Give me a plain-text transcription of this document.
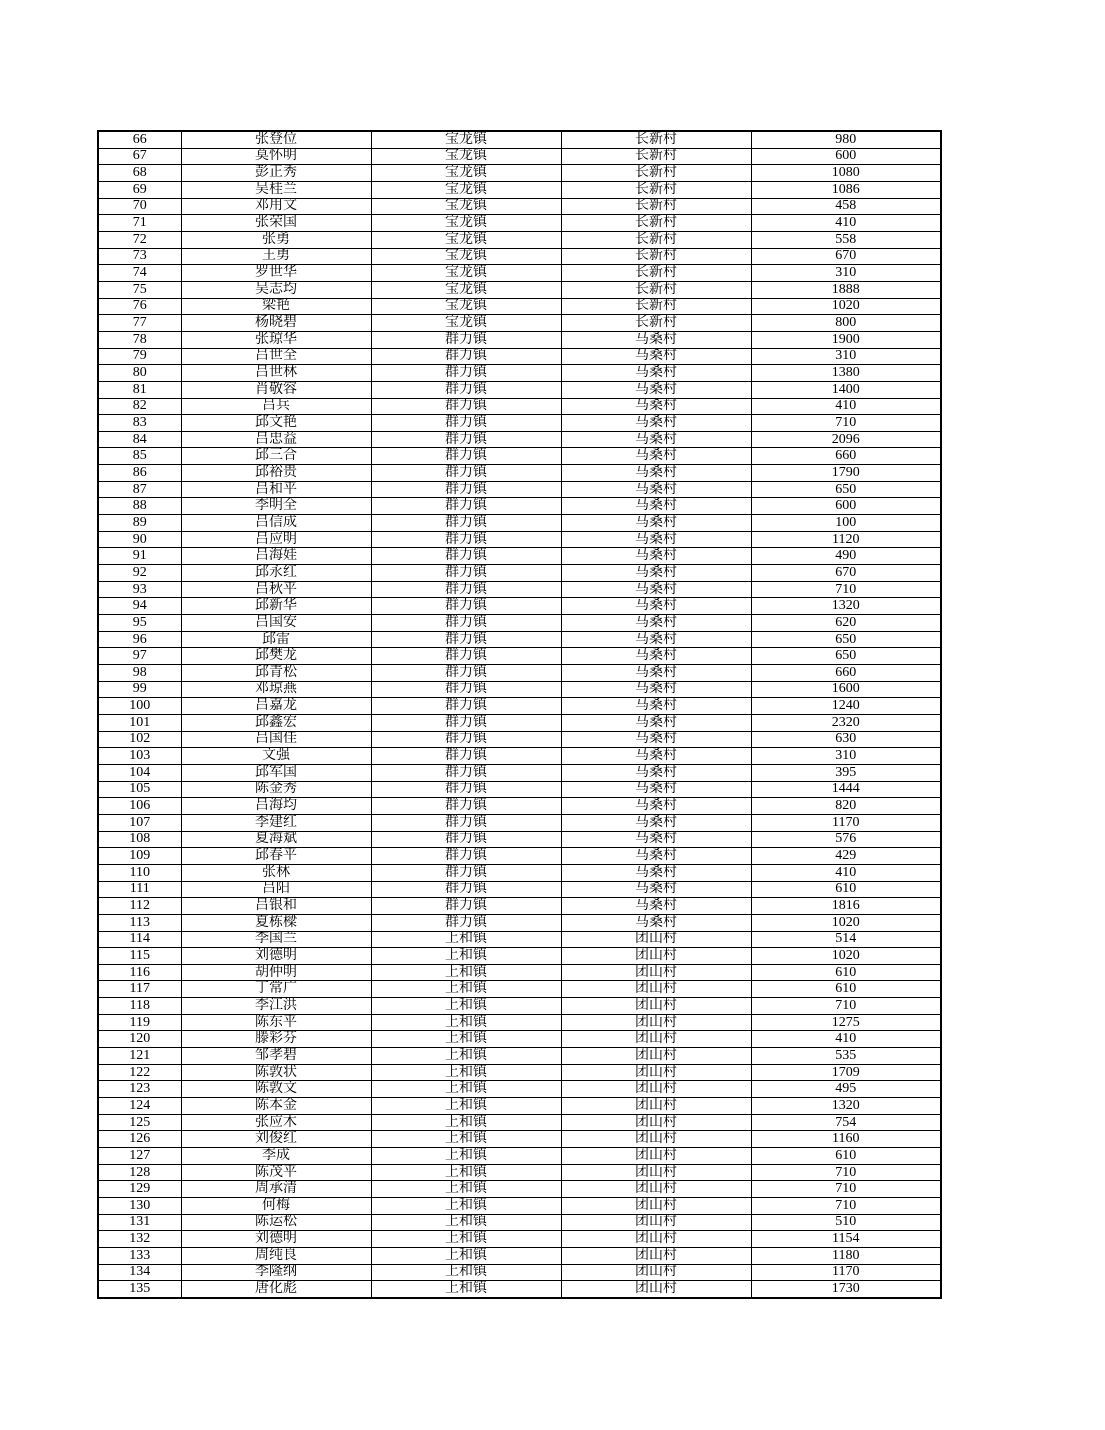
66	张登位	宝龙镇	长新村	980
67	莫怀明	宝龙镇	长新村	600
68	彭正秀	宝龙镇	长新村	1080
69	吴桂兰	宝龙镇	长新村	1086
70	邓用文	宝龙镇	长新村	458
71	张荣国	宝龙镇	长新村	410
72	张勇	宝龙镇	长新村	558
73	王勇	宝龙镇	长新村	670
74	罗世华	宝龙镇	长新村	310
75	吴志均	宝龙镇	长新村	1888
76	梁艳	宝龙镇	长新村	1020
77	杨晓碧	宝龙镇	长新村	800
78	张琼华	群力镇	马桑村	1900
79	吕世全	群力镇	马桑村	310
80	吕世林	群力镇	马桑村	1380
81	肖敬容	群力镇	马桑村	1400
82	吕兵	群力镇	马桑村	410
83	邱文艳	群力镇	马桑村	710
84	吕忠益	群力镇	马桑村	2096
85	邱三合	群力镇	马桑村	660
86	邱裕贵	群力镇	马桑村	1790
87	吕和平	群力镇	马桑村	650
88	李明全	群力镇	马桑村	600
89	吕信成	群力镇	马桑村	100
90	吕应明	群力镇	马桑村	1120
91	吕海娃	群力镇	马桑村	490
92	邱永红	群力镇	马桑村	670
93	吕秋平	群力镇	马桑村	710
94	邱新华	群力镇	马桑村	1320
95	吕国安	群力镇	马桑村	620
96	邱雷	群力镇	马桑村	650
97	邱樊龙	群力镇	马桑村	650
98	邱青松	群力镇	马桑村	660
99	邓琼燕	群力镇	马桑村	1600
100	吕嘉龙	群力镇	马桑村	1240
101	邱鑫宏	群力镇	马桑村	2320
102	吕国佳	群力镇	马桑村	630
103	文强	群力镇	马桑村	310
104	邱军国	群力镇	马桑村	395
105	陈金秀	群力镇	马桑村	1444
106	吕海均	群力镇	马桑村	820
107	李建红	群力镇	马桑村	1170
108	夏海斌	群力镇	马桑村	576
109	邱春平	群力镇	马桑村	429
110	张林	群力镇	马桑村	410
111	吕阳	群力镇	马桑村	610
112	吕银和	群力镇	马桑村	1816
113	夏栋樑	群力镇	马桑村	1020
114	李国兰	上和镇	团山村	514
115	刘德明	上和镇	团山村	1020
116	胡仲明	上和镇	团山村	610
117	丁常广	上和镇	团山村	610
118	李江洪	上和镇	团山村	710
119	陈东平	上和镇	团山村	1275
120	滕彩芬	上和镇	团山村	410
121	邹孝碧	上和镇	团山村	535
122	陈敦状	上和镇	团山村	1709
123	陈敦文	上和镇	团山村	495
124	陈本金	上和镇	团山村	1320
125	张应木	上和镇	团山村	754
126	刘俊红	上和镇	团山村	1160
127	李成	上和镇	团山村	610
128	陈茂平	上和镇	团山村	710
129	周承清	上和镇	团山村	710
130	何梅	上和镇	团山村	710
131	陈运松	上和镇	团山村	510
132	刘德明	上和镇	团山村	1154
133	周纯良	上和镇	团山村	1180
134	李隆纲	上和镇	团山村	1170
135	唐化彪	上和镇	团山村	1730
